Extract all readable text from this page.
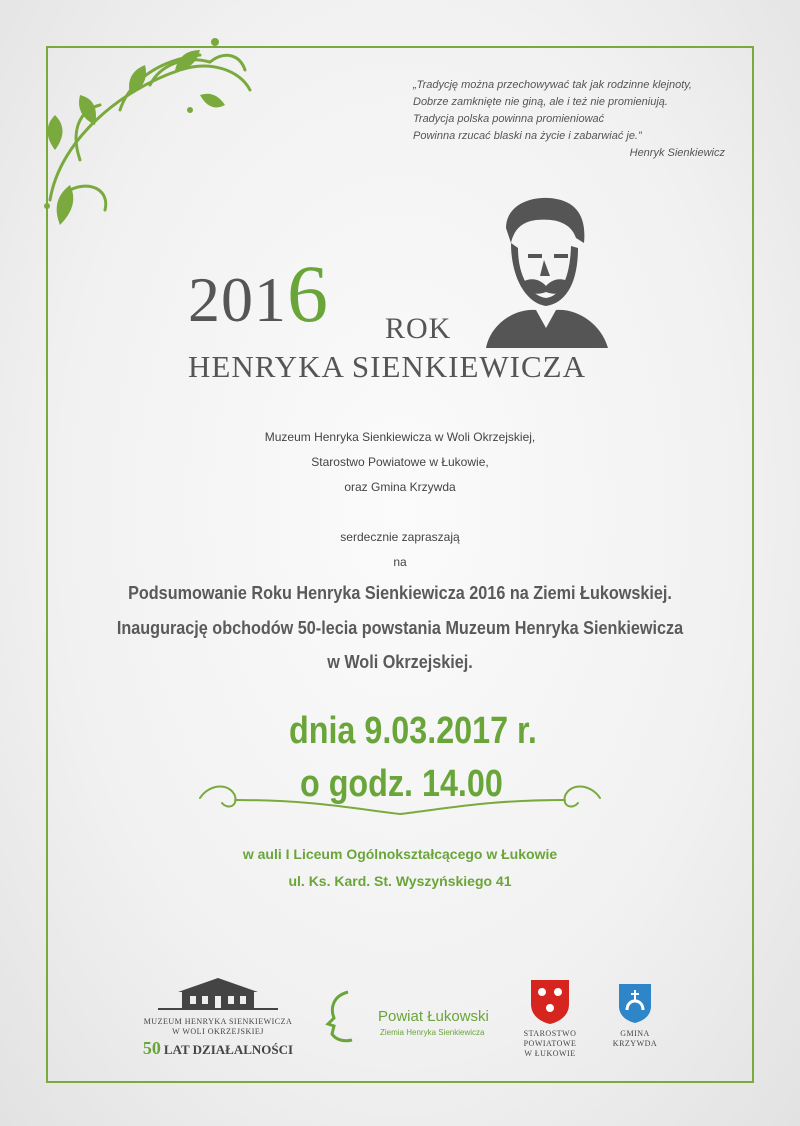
„Tradycję można przechowywać tak jak rodzinne klejnoty,
Dobrze zamknięte nie giną, ale i też nie promieniują.
Tradycja polska powinna promieniować
Powinna rzucać blaski na życie i zabarwiać je.”
Henryk Sienkiewicz
2016 ROK
HENRYKA SIENKIEWICZA
Muzeum Henryka Sienkiewicza w Woli Okrzejskiej,
Starostwo Powiatowe w Łukowie,
oraz Gmina Krzywda
serdecznie zapraszają
na
Podsumowanie Roku Henryka Sienkiewicza 2016 na Ziemi Łukowskiej.
Inaugurację obchodów 50-lecia powstania Muzeum Henryka Sienkiewicza
w Woli Okrzejskiej.
dnia 9.03.2017 r.
o godz. 14.00
w auli I Liceum Ogólnokształcącego w Łukowie
ul. Ks. Kard. St. Wyszyńskiego 41
MUZEUM HENRYKA SIENKIEWICZA
W WOLI OKRZEJSKIEJ
50 LAT DZIAŁALNOŚCI
Powiat Łukowski
Ziemia Henryka Sienkiewicza	STAROSTWO
POWIATOWE
W ŁUKOWIE
GMINA
KRZYWDA
